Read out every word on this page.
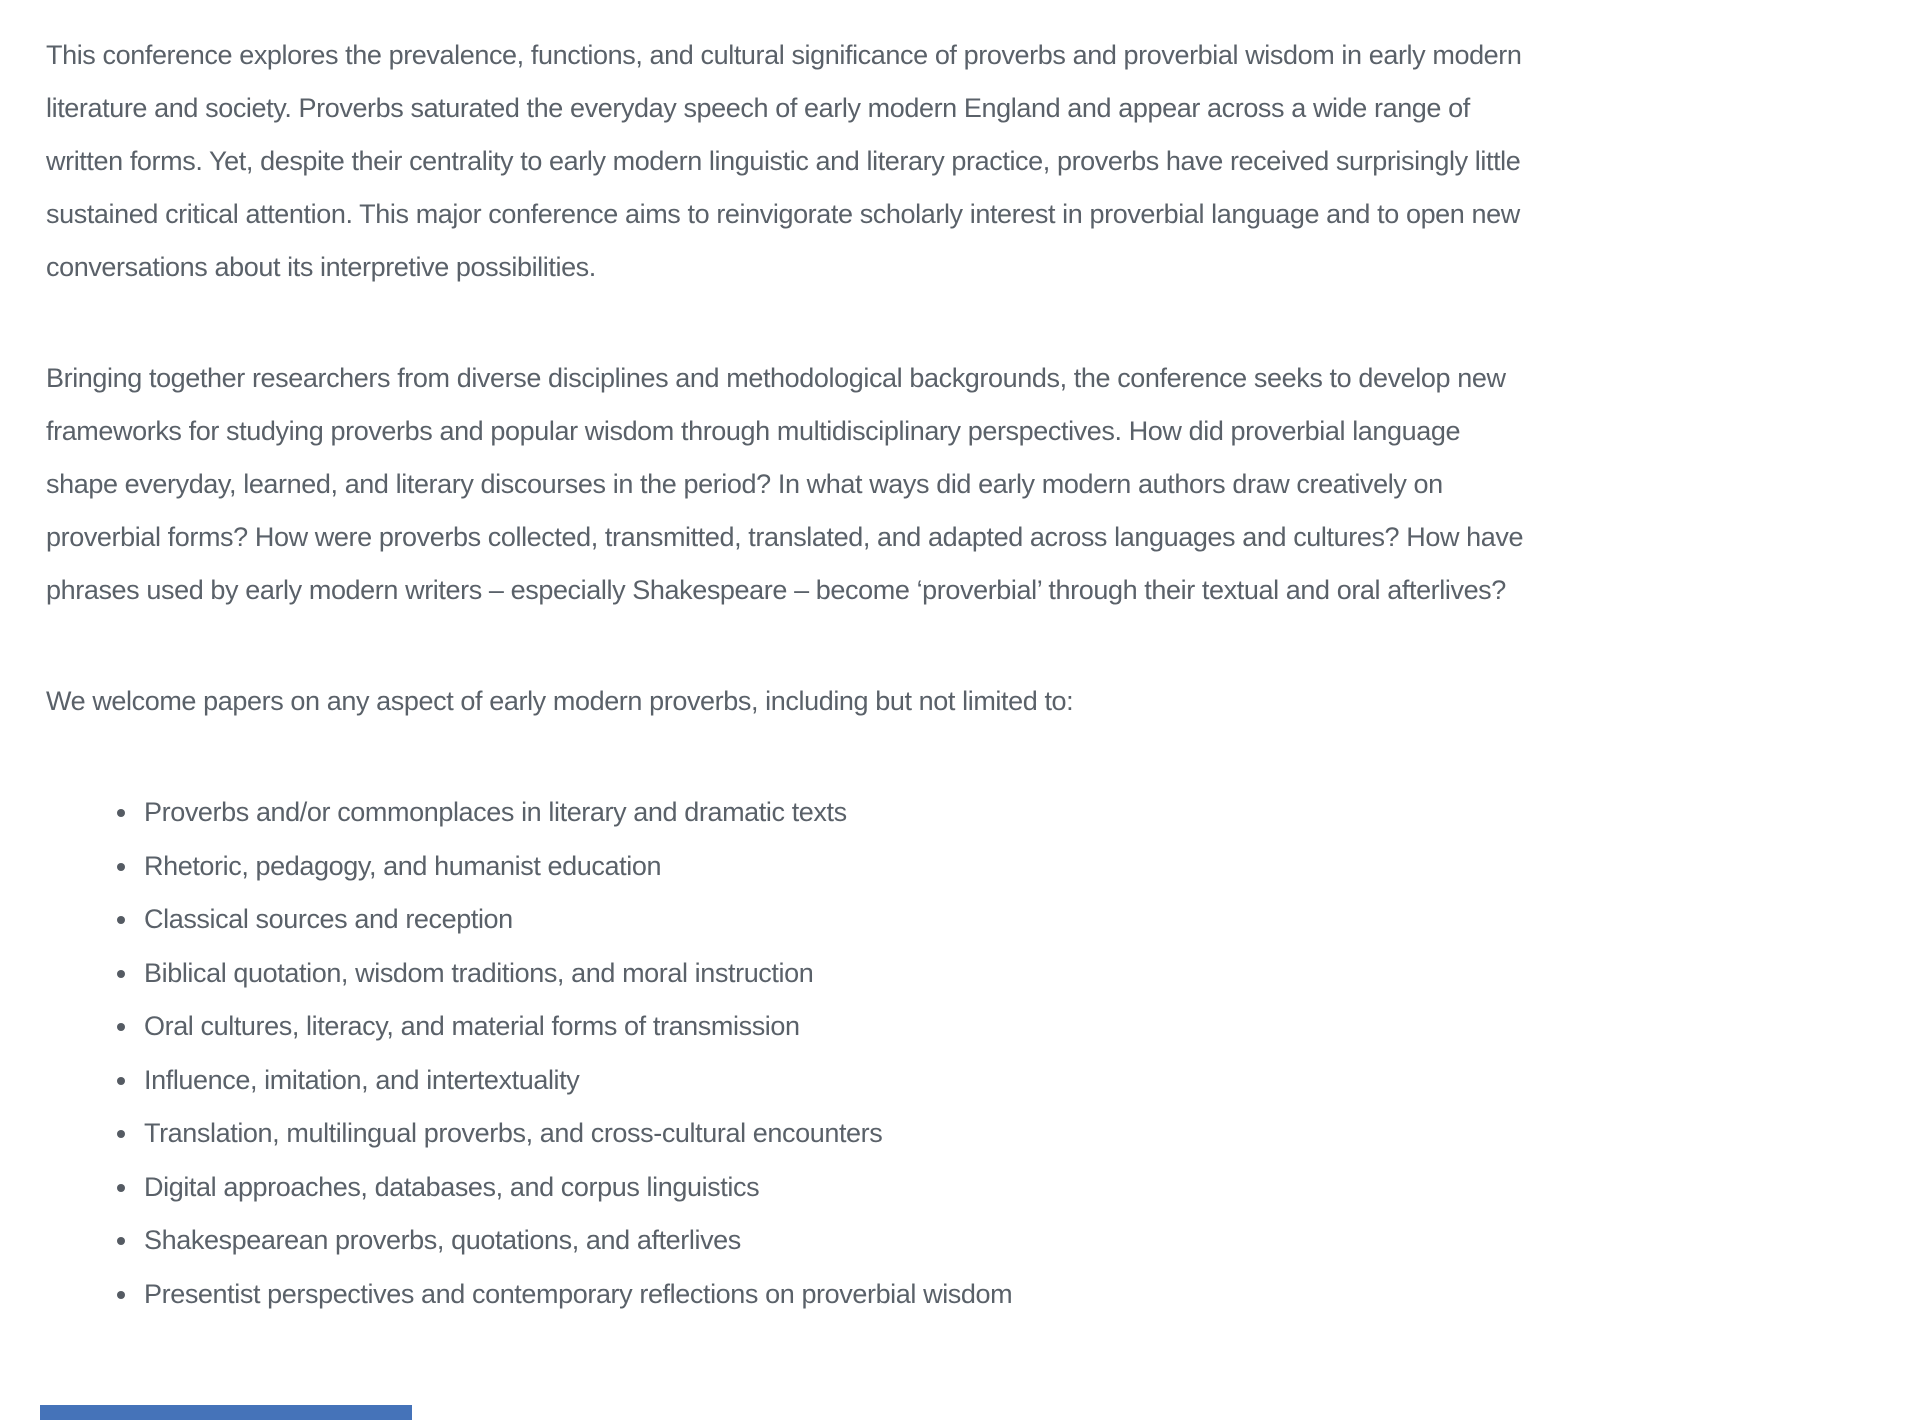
This conference explores the prevalence, functions, and cultural significance of proverbs and proverbial wisdom in early modern literature and society. Proverbs saturated the everyday speech of early modern England and appear across a wide range of written forms. Yet, despite their centrality to early modern linguistic and literary practice, proverbs have received surprisingly little sustained critical attention. This major conference aims to reinvigorate scholarly interest in proverbial language and to open new conversations about its interpretive possibilities.

Bringing together researchers from diverse disciplines and methodological backgrounds, the conference seeks to develop new frameworks for studying proverbs and popular wisdom through multidisciplinary perspectives. How did proverbial language shape everyday, learned, and literary discourses in the period? In what ways did early modern authors draw creatively on proverbial forms? How were proverbs collected, transmitted, translated, and adapted across languages and cultures? How have phrases used by early modern writers – especially Shakespeare – become ‘proverbial’ through their textual and oral afterlives?

We welcome papers on any aspect of early modern proverbs, including but not limited to:

Proverbs and/or commonplaces in literary and dramatic texts
Rhetoric, pedagogy, and humanist education
Classical sources and reception
Biblical quotation, wisdom traditions, and moral instruction
Oral cultures, literacy, and material forms of transmission
Influence, imitation, and intertextuality
Translation, multilingual proverbs, and cross-cultural encounters
Digital approaches, databases, and corpus linguistics
Shakespearean proverbs, quotations, and afterlives
Presentist perspectives and contemporary reflections on proverbial wisdom
